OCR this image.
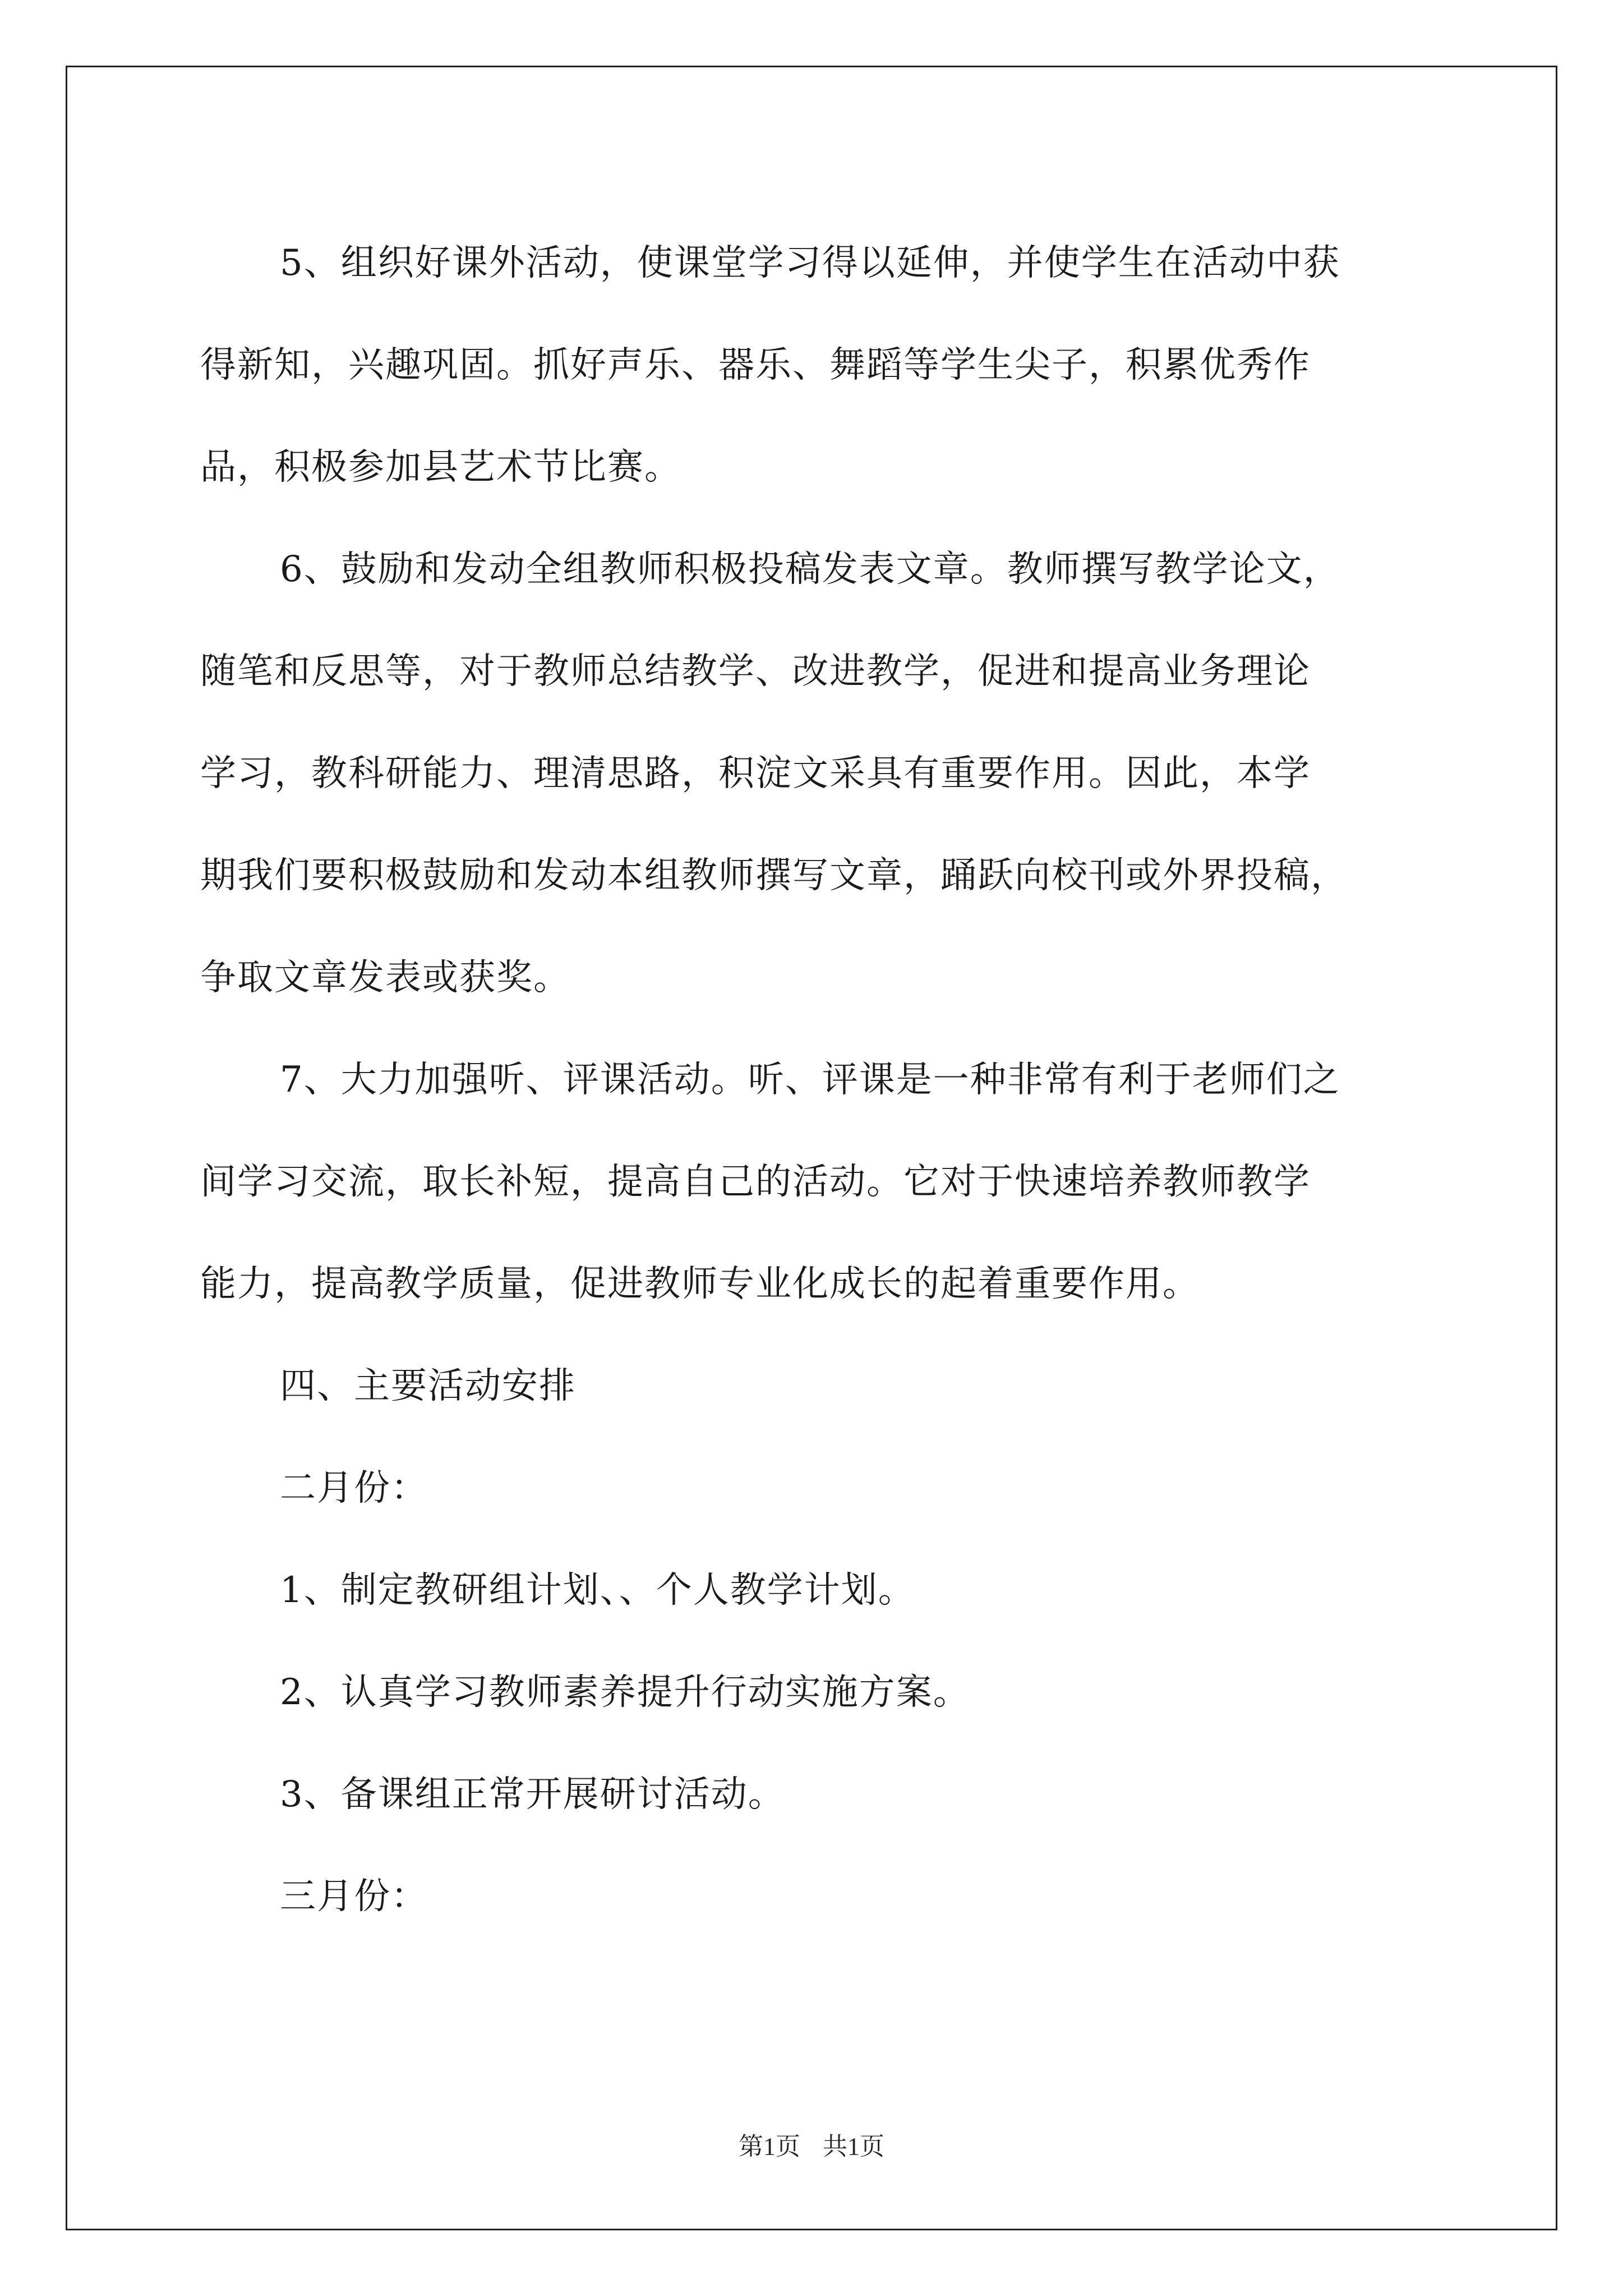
5、组织好课外活动，使课堂学习得以延伸，并使学生在活动中获
得新知，兴趣巩固。抓好声乐、器乐、舞蹈等学生尖子，积累优秀作
品，积极参加县艺术节比赛。

6、鼓励和发动全组教师积极投稿发表文章。教师撰写教学论文，
随笔和反思等，对于教师总结教学、改进教学，促进和提高业务理论
学习，教科研能力、理清思路，积淀文采具有重要作用。因此，本学
期我们要积极鼓励和发动本组教师撰写文章，踊跃向校刊或外界投稿，
争取文章发表或获奖。

7、大力加强听、评课活动。听、评课是一种非常有利于老师们之
间学习交流，取长补短，提高自己的活动。它对于快速培养教师教学
能力，提高教学质量，促进教师专业化成长的起着重要作用。

四、主要活动安排

二月份：

1、制定教研组计划、、个人教学计划。

2、认真学习教师素养提升行动实施方案。

3、备课组正常开展研讨活动。

三月份：

第1页 共1页
